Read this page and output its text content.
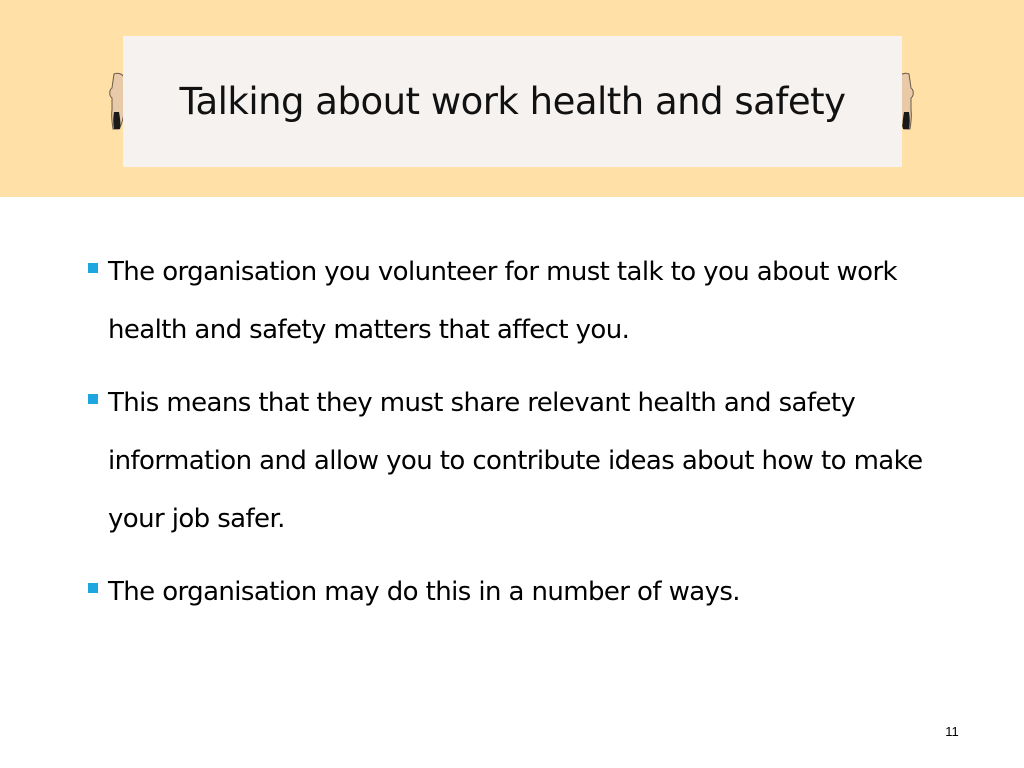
Talking about work health and safety
The organisation you volunteer for must talk to you about work health and safety matters that affect you.
This means that they must share relevant health and safety information and allow you to contribute ideas about how to make your job safer.
The organisation may do this in a number of ways.
11
